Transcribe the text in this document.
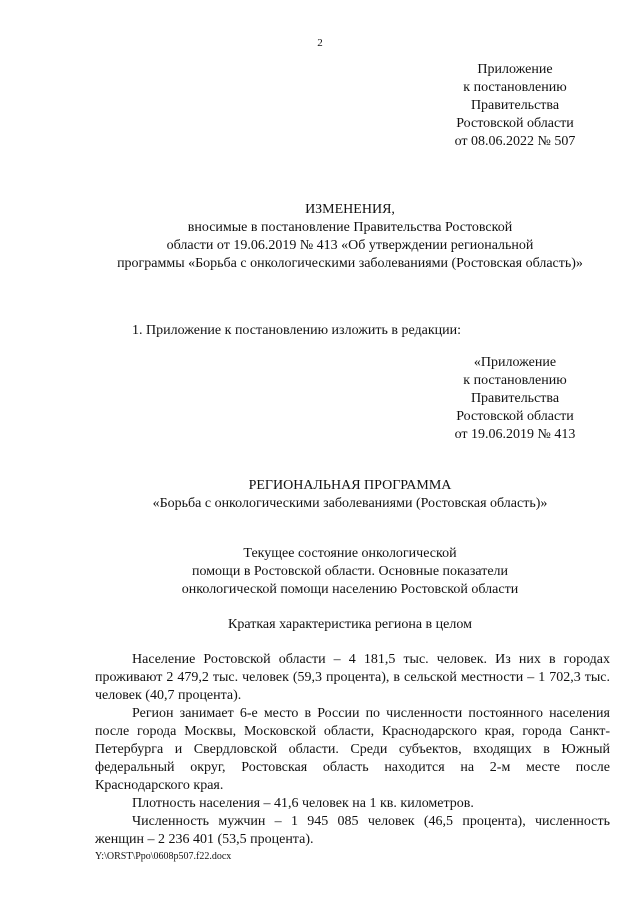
2
Приложение
к постановлению
Правительства
Ростовской области
от 08.06.2022 № 507
ИЗМЕНЕНИЯ,
вносимые в постановление Правительства Ростовской
области от 19.06.2019 № 413 «Об утверждении региональной
программы «Борьба с онкологическими заболеваниями (Ростовская область)»
1. Приложение к постановлению изложить в редакции:
«Приложение
к постановлению
Правительства
Ростовской области
от 19.06.2019 № 413
РЕГИОНАЛЬНАЯ ПРОГРАММА
«Борьба с онкологическими заболеваниями (Ростовская область)»
Текущее состояние онкологической
помощи в Ростовской области. Основные показатели
онкологической помощи населению Ростовской области
Краткая характеристика региона в целом
Население Ростовской области – 4 181,5 тыс. человек. Из них в городах проживают 2 479,2 тыс. человек (59,3 процента), в сельской местности – 1 702,3 тыс. человек (40,7 процента).
Регион занимает 6-е место в России по численности постоянного населения после города Москвы, Московской области, Краснодарского края, города Санкт-Петербурга и Свердловской области. Среди субъектов, входящих в Южный федеральный округ, Ростовская область находится на 2-м месте после Краснодарского края.
Плотность населения – 41,6 человек на 1 кв. километров.
Численность мужчин – 1 945 085 человек (46,5 процента), численность женщин – 2 236 401 (53,5 процента).
Y:\ORST\Ppo\0608p507.f22.docx
